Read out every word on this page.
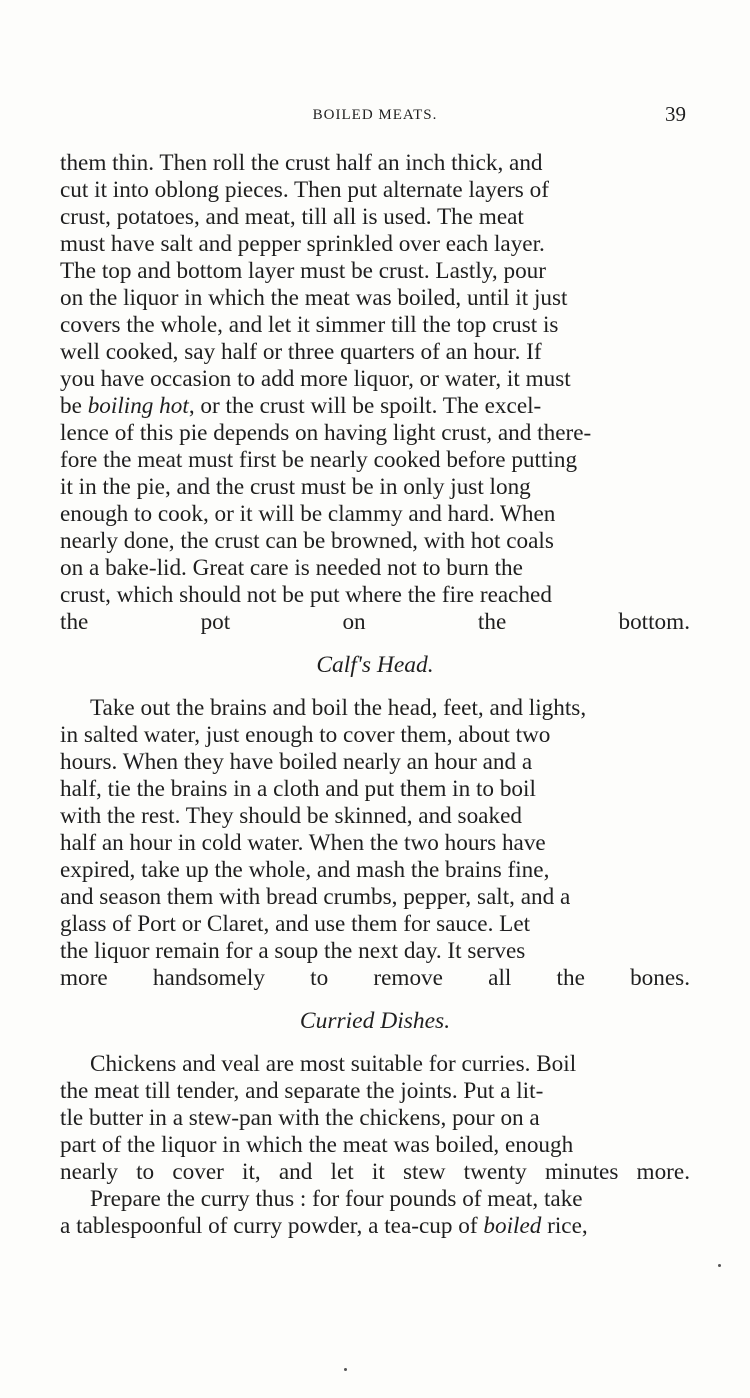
BOILED MEATS.	39
them thin. Then roll the crust half an inch thick, and
cut it into oblong pieces. Then put alternate layers of
crust, potatoes, and meat, till all is used. The meat
must have salt and pepper sprinkled over each layer.
The top and bottom layer must be crust. Lastly, pour
on the liquor in which the meat was boiled, until it just
covers the whole, and let it simmer till the top crust is
well cooked, say half or three quarters of an hour. If
you have occasion to add more liquor, or water, it must
be boiling hot, or the crust will be spoilt. The excel-
lence of this pie depends on having light crust, and there-
fore the meat must first be nearly cooked before putting
it in the pie, and the crust must be in only just long
enough to cook, or it will be clammy and hard. When
nearly done, the crust can be browned, with hot coals
on a bake-lid. Great care is needed not to burn the
crust, which should not be put where the fire reached
the pot on the bottom.
Calf's Head.
Take out the brains and boil the head, feet, and lights,
in salted water, just enough to cover them, about two
hours. When they have boiled nearly an hour and a
half, tie the brains in a cloth and put them in to boil
with the rest. They should be skinned, and soaked
half an hour in cold water. When the two hours have
expired, take up the whole, and mash the brains fine,
and season them with bread crumbs, pepper, salt, and a
glass of Port or Claret, and use them for sauce. Let
the liquor remain for a soup the next day. It serves
more handsomely to remove all the bones.
Curried Dishes.
Chickens and veal are most suitable for curries. Boil
the meat till tender, and separate the joints. Put a lit-
tle butter in a stew-pan with the chickens, pour on a
part of the liquor in which the meat was boiled, enough
nearly to cover it, and let it stew twenty minutes more.
Prepare the curry thus : for four pounds of meat, take
a tablespoonful of curry powder, a tea-cup of boiled rice,
